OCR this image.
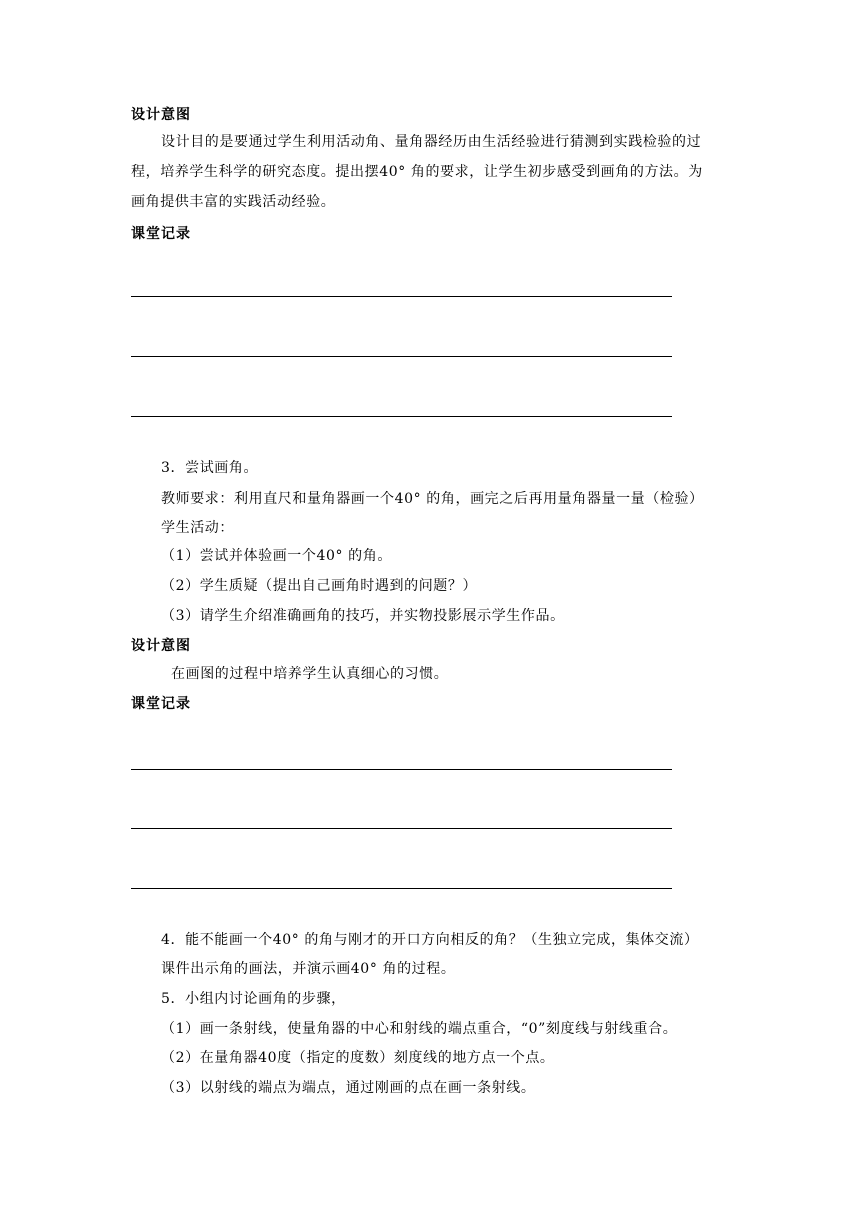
设计意图
设计目的是要通过学生利用活动角、量角器经历由生活经验进行猜测到实践检验的过
程，培养学生科学的研究态度。提出摆40° 角的要求，让学生初步感受到画角的方法。为
画角提供丰富的实践活动经验。
课堂记录
3．尝试画角。
教师要求：利用直尺和量角器画一个40° 的角，画完之后再用量角器量一量（检验）
学生活动：
（1）尝试并体验画一个40° 的角。
（2）学生质疑（提出自己画角时遇到的问题？）
（3）请学生介绍准确画角的技巧，并实物投影展示学生作品。
设计意图
在画图的过程中培养学生认真细心的习惯。
课堂记录
4．能不能画一个40° 的角与刚才的开口方向相反的角？（生独立完成，集体交流）
课件出示角的画法，并演示画40° 角的过程。
5．小组内讨论画角的步骤，
（1）画一条射线，使量角器的中心和射线的端点重合，“0”刻度线与射线重合。
（2）在量角器40度（指定的度数）刻度线的地方点一个点。
（3）以射线的端点为端点，通过刚画的点在画一条射线。
